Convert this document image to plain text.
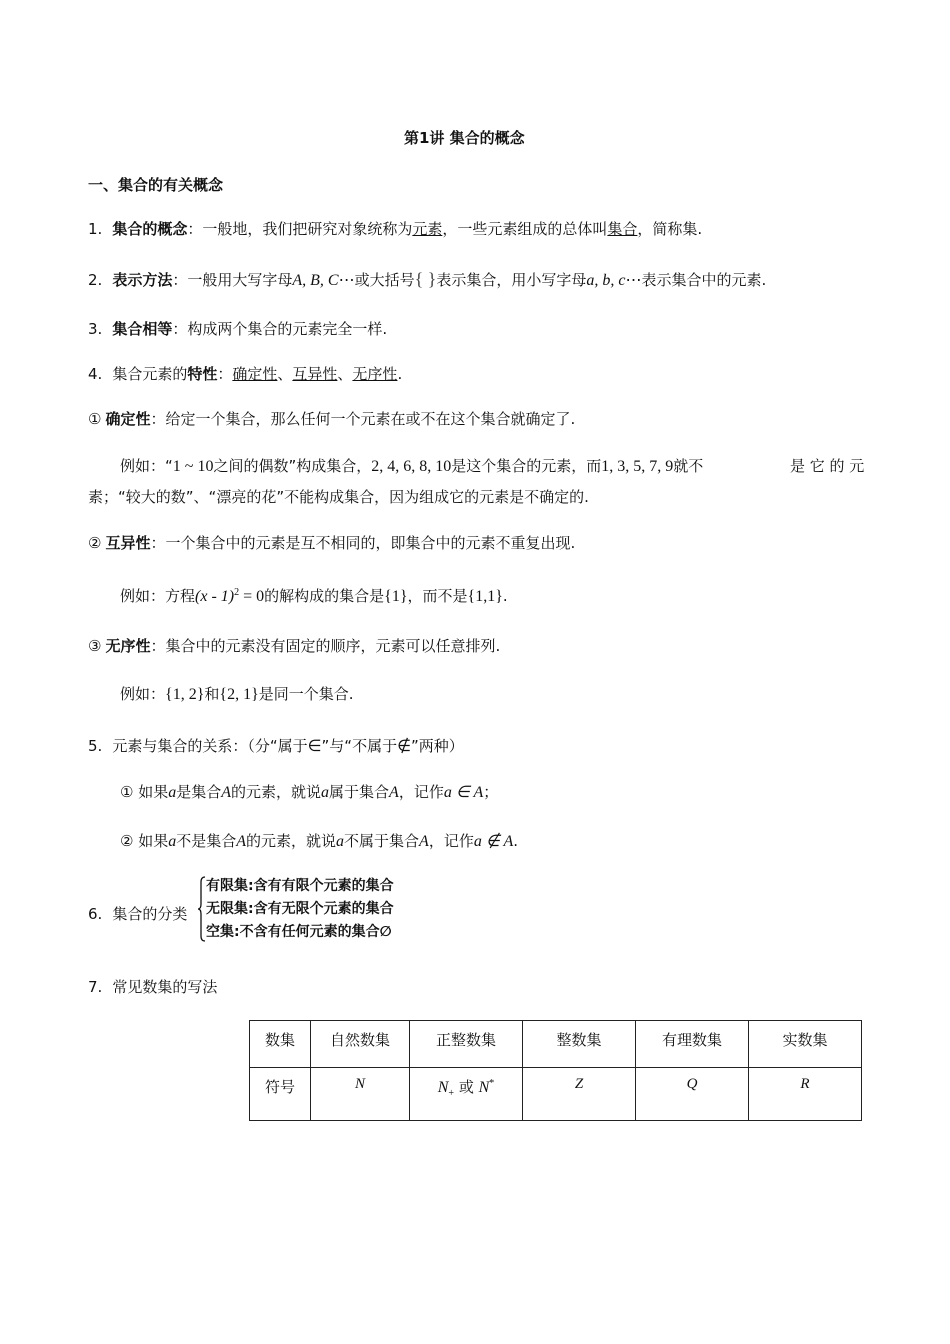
第1讲 集合的概念
一、集合的有关概念
1. 集合的概念：一般地，我们把研究对象统称为元素，一些元素组成的总体叫集合，简称集.
2. 表示方法：一般用大写字母A, B, C⋯或大括号{ }表示集合，用小写字母a, b, c⋯表示集合中的元素.
3. 集合相等：构成两个集合的元素完全一样.
4. 集合元素的特性：确定性、互异性、无序性.
① 确定性：给定一个集合，那么任何一个元素在或不在这个集合就确定了.
例如：“1 ~ 10之间的偶数”构成集合，2, 4, 6, 8, 10是这个集合的元素，而1, 3, 5, 7, 9就不	是 它 的 元
素；“较大的数”、“漂亮的花”不能构成集合，因为组成它的元素是不确定的.
② 互异性：一个集合中的元素是互不相同的，即集合中的元素不重复出现.
例如：方程(x - 1)$^2$ = 0的解构成的集合是{1}，而不是{1,1}.
③ 无序性：集合中的元素没有固定的顺序，元素可以任意排列.
例如：{1, 2}和{2, 1}是同一个集合.
5. 元素与集合的关系：（分“属于∈”与“不属于∉”两种）
① 如果a是集合A的元素，就说a属于集合A，记作a ∈ A；
② 如果a不是集合A的元素，就说a不属于集合A，记作a ∉ A.
6. 集合的分类
有限集:含有有限个元素的集合
无限集:含有无限个元素的集合
空集:不含有任何元素的集合∅
7. 常见数集的写法
数集	自然数集	正整数集	整数集	有理数集	实数集
符号	N	$N_+$ 或 N*	Z	Q	R
